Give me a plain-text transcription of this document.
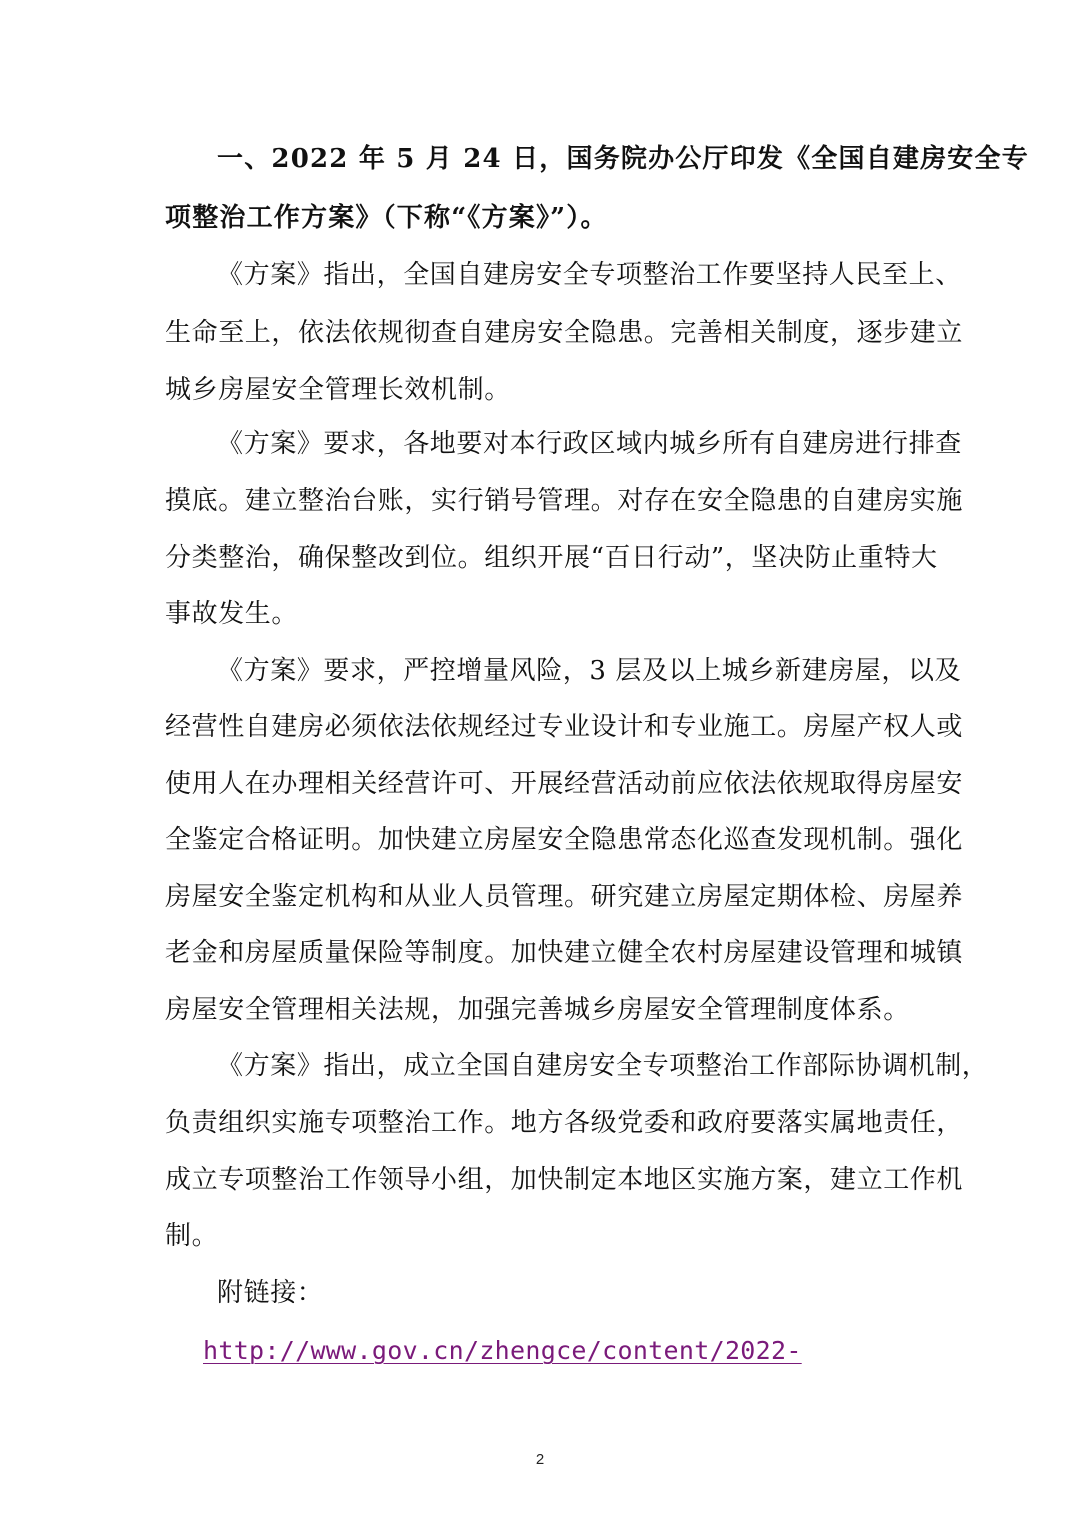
一、2022 年 5 月 24 日，国务院办公厅印发《全国自建房安全专
项整治工作方案》（下称“《方案》”）。
《方案》指出，全国自建房安全专项整治工作要坚持人民至上、
生命至上，依法依规彻查自建房安全隐患。完善相关制度，逐步建立
城乡房屋安全管理长效机制。
《方案》要求，各地要对本行政区域内城乡所有自建房进行排查
摸底。建立整治台账，实行销号管理。对存在安全隐患的自建房实施
分类整治，确保整改到位。组织开展“百日行动”，坚决防止重特大
事故发生。
《方案》要求，严控增量风险，3 层及以上城乡新建房屋，以及
经营性自建房必须依法依规经过专业设计和专业施工。房屋产权人或
使用人在办理相关经营许可、开展经营活动前应依法依规取得房屋安
全鉴定合格证明。加快建立房屋安全隐患常态化巡查发现机制。强化
房屋安全鉴定机构和从业人员管理。研究建立房屋定期体检、房屋养
老金和房屋质量保险等制度。加快建立健全农村房屋建设管理和城镇
房屋安全管理相关法规，加强完善城乡房屋安全管理制度体系。
《方案》指出，成立全国自建房安全专项整治工作部际协调机制，
负责组织实施专项整治工作。地方各级党委和政府要落实属地责任，
成立专项整治工作领导小组，加快制定本地区实施方案，建立工作机
制。
附链接：
http://www.gov.cn/zhengce/content/2022-
2
